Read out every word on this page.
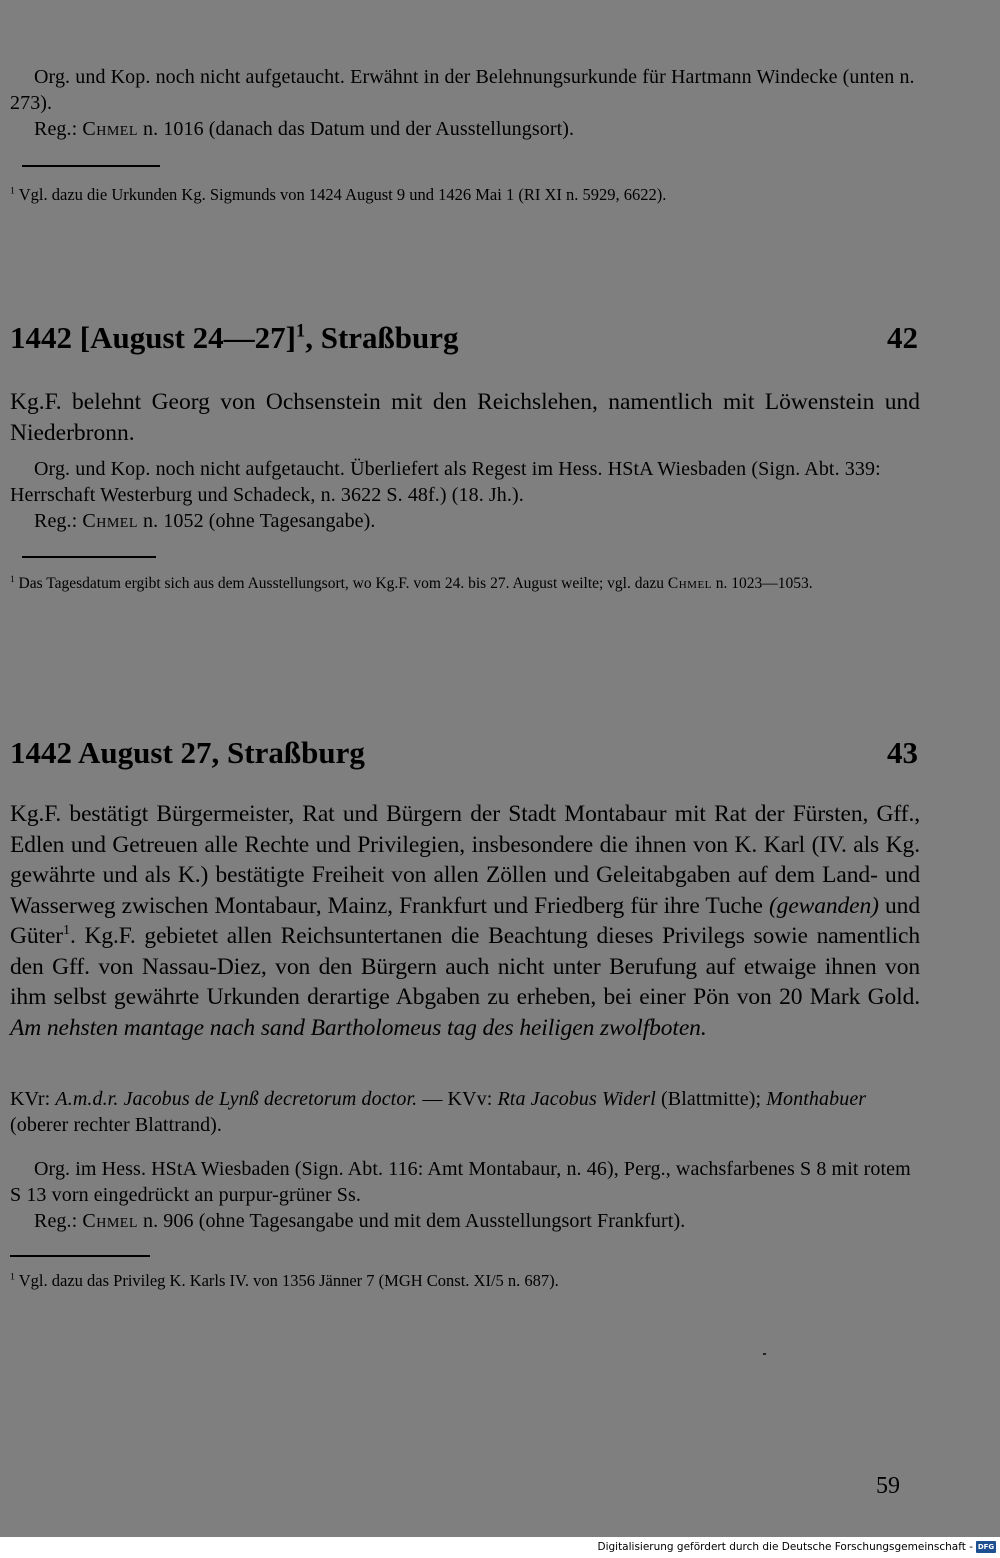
Org. und Kop. noch nicht aufgetaucht. Erwähnt in der Belehnungsurkunde für Hartmann Windecke (unten n. 273).

Reg.: Chmel n. 1016 (danach das Datum und der Ausstellungsort).

$^1$ Vgl. dazu die Urkunden Kg. Sigmunds von 1424 August 9 und 1426 Mai 1 (RI XI n. 5929, 6622).

1442 [August 24—27]$^1$, Straßburg	42

Kg.F. belehnt Georg von Ochsenstein mit den Reichslehen, namentlich mit Löwenstein und Niederbronn.

Org. und Kop. noch nicht aufgetaucht. Überliefert als Regest im Hess. HStA Wiesbaden (Sign. Abt. 339: Herrschaft Westerburg und Schadeck, n. 3622 S. 48f.) (18. Jh.).

Reg.: Chmel n. 1052 (ohne Tagesangabe).

$^1$ Das Tagesdatum ergibt sich aus dem Ausstellungsort, wo Kg.F. vom 24. bis 27. August weilte; vgl. dazu Chmel n. 1023—1053.

1442 August 27, Straßburg	43

Kg.F. bestätigt Bürgermeister, Rat und Bürgern der Stadt Montabaur mit Rat der Fürsten, Gff., Edlen und Getreuen alle Rechte und Privilegien, insbesondere die ihnen von K. Karl (IV. als Kg. gewährte und als K.) bestätigte Freiheit von allen Zöllen und Geleitabgaben auf dem Land- und Wasserweg zwischen Montabaur, Mainz, Frankfurt und Friedberg für ihre Tuche (gewanden) und Güter$^1$. Kg.F. gebietet allen Reichsuntertanen die Beachtung dieses Privilegs sowie namentlich den Gff. von Nassau-Diez, von den Bürgern auch nicht unter Berufung auf etwaige ihnen von ihm selbst gewährte Urkunden derartige Abgaben zu erheben, bei einer Pön von 20 Mark Gold. Am nehsten mantage nach sand Bartholomeus tag des heiligen zwolfboten.

KVr: A.m.d.r. Jacobus de Lynß decretorum doctor. — KVv: Rta Jacobus Widerl (Blattmitte); Monthabuer (oberer rechter Blattrand).

Org. im Hess. HStA Wiesbaden (Sign. Abt. 116: Amt Montabaur, n. 46), Perg., wachsfarbenes S 8 mit rotem S 13 vorn eingedrückt an purpur-grüner Ss.

Reg.: Chmel n. 906 (ohne Tagesangabe und mit dem Ausstellungsort Frankfurt).

$^1$ Vgl. dazu das Privileg K. Karls IV. von 1356 Jänner 7 (MGH Const. XI/5 n. 687).

59
Digitalisierung gefördert durch die Deutsche Forschungsgemeinschaft - DFG
